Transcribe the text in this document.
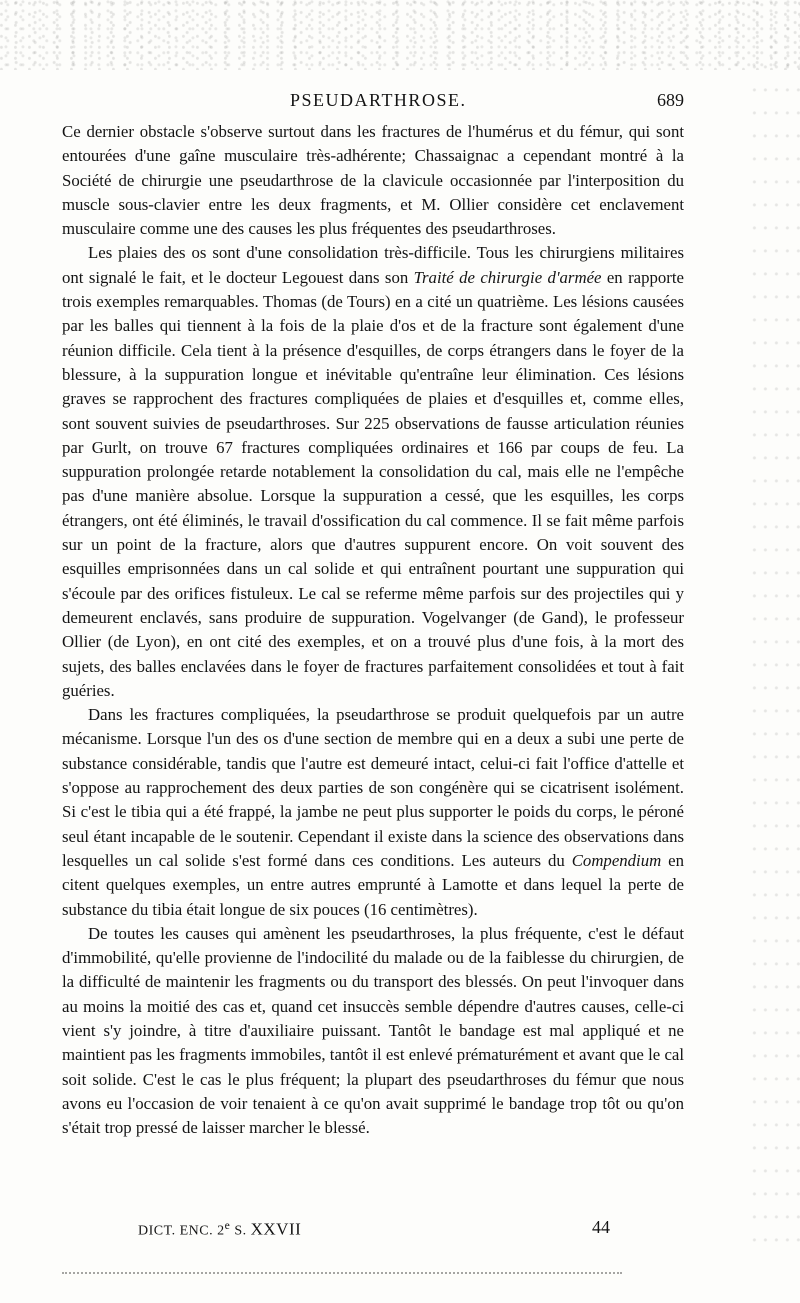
PSEUDARTHROSE.	689

Ce dernier obstacle s'observe surtout dans les fractures de l'humérus et du fémur, qui sont entourées d'une gaîne musculaire très-adhérente; Chassaignac a cependant montré à la Société de chirurgie une pseudarthrose de la clavicule occasionnée par l'interposition du muscle sous-clavier entre les deux fragments, et M. Ollier considère cet enclavement musculaire comme une des causes les plus fréquentes des pseudarthroses.

Les plaies des os sont d'une consolidation très-difficile. Tous les chirurgiens militaires ont signalé le fait, et le docteur Legouest dans son Traité de chirurgie d'armée en rapporte trois exemples remarquables. Thomas (de Tours) en a cité un quatrième. Les lésions causées par les balles qui tiennent à la fois de la plaie d'os et de la fracture sont également d'une réunion difficile. Cela tient à la présence d'esquilles, de corps étrangers dans le foyer de la blessure, à la suppuration longue et inévitable qu'entraîne leur élimination. Ces lésions graves se rapprochent des fractures compliquées de plaies et d'esquilles et, comme elles, sont souvent suivies de pseudarthroses. Sur 225 observations de fausse articulation réunies par Gurlt, on trouve 67 fractures compliquées ordinaires et 166 par coups de feu. La suppuration prolongée retarde notablement la consolidation du cal, mais elle ne l'empêche pas d'une manière absolue. Lorsque la suppuration a cessé, que les esquilles, les corps étrangers, ont été éliminés, le travail d'ossification du cal commence. Il se fait même parfois sur un point de la fracture, alors que d'autres suppurent encore. On voit souvent des esquilles emprisonnées dans un cal solide et qui entraînent pourtant une suppuration qui s'écoule par des orifices fistuleux. Le cal se referme même parfois sur des projectiles qui y demeurent enclavés, sans produire de suppuration. Vogelvanger (de Gand), le professeur Ollier (de Lyon), en ont cité des exemples, et on a trouvé plus d'une fois, à la mort des sujets, des balles enclavées dans le foyer de fractures parfaitement consolidées et tout à fait guéries.

Dans les fractures compliquées, la pseudarthrose se produit quelquefois par un autre mécanisme. Lorsque l'un des os d'une section de membre qui en a deux a subi une perte de substance considérable, tandis que l'autre est demeuré intact, celui-ci fait l'office d'attelle et s'oppose au rapprochement des deux parties de son congénère qui se cicatrisent isolément. Si c'est le tibia qui a été frappé, la jambe ne peut plus supporter le poids du corps, le péroné seul étant incapable de le soutenir. Cependant il existe dans la science des observations dans lesquelles un cal solide s'est formé dans ces conditions. Les auteurs du Compendium en citent quelques exemples, un entre autres emprunté à Lamotte et dans lequel la perte de substance du tibia était longue de six pouces (16 centimètres).

De toutes les causes qui amènent les pseudarthroses, la plus fréquente, c'est le défaut d'immobilité, qu'elle provienne de l'indocilité du malade ou de la faiblesse du chirurgien, de la difficulté de maintenir les fragments ou du transport des blessés. On peut l'invoquer dans au moins la moitié des cas et, quand cet insuccès semble dépendre d'autres causes, celle-ci vient s'y joindre, à titre d'auxiliaire puissant. Tantôt le bandage est mal appliqué et ne maintient pas les fragments immobiles, tantôt il est enlevé prématurément et avant que le cal soit solide. C'est le cas le plus fréquent; la plupart des pseudarthroses du fémur que nous avons eu l'occasion de voir tenaient à ce qu'on avait supprimé le bandage trop tôt ou qu'on s'était trop pressé de laisser marcher le blessé.

DICT. ENC. 2e S. XXVII	44
